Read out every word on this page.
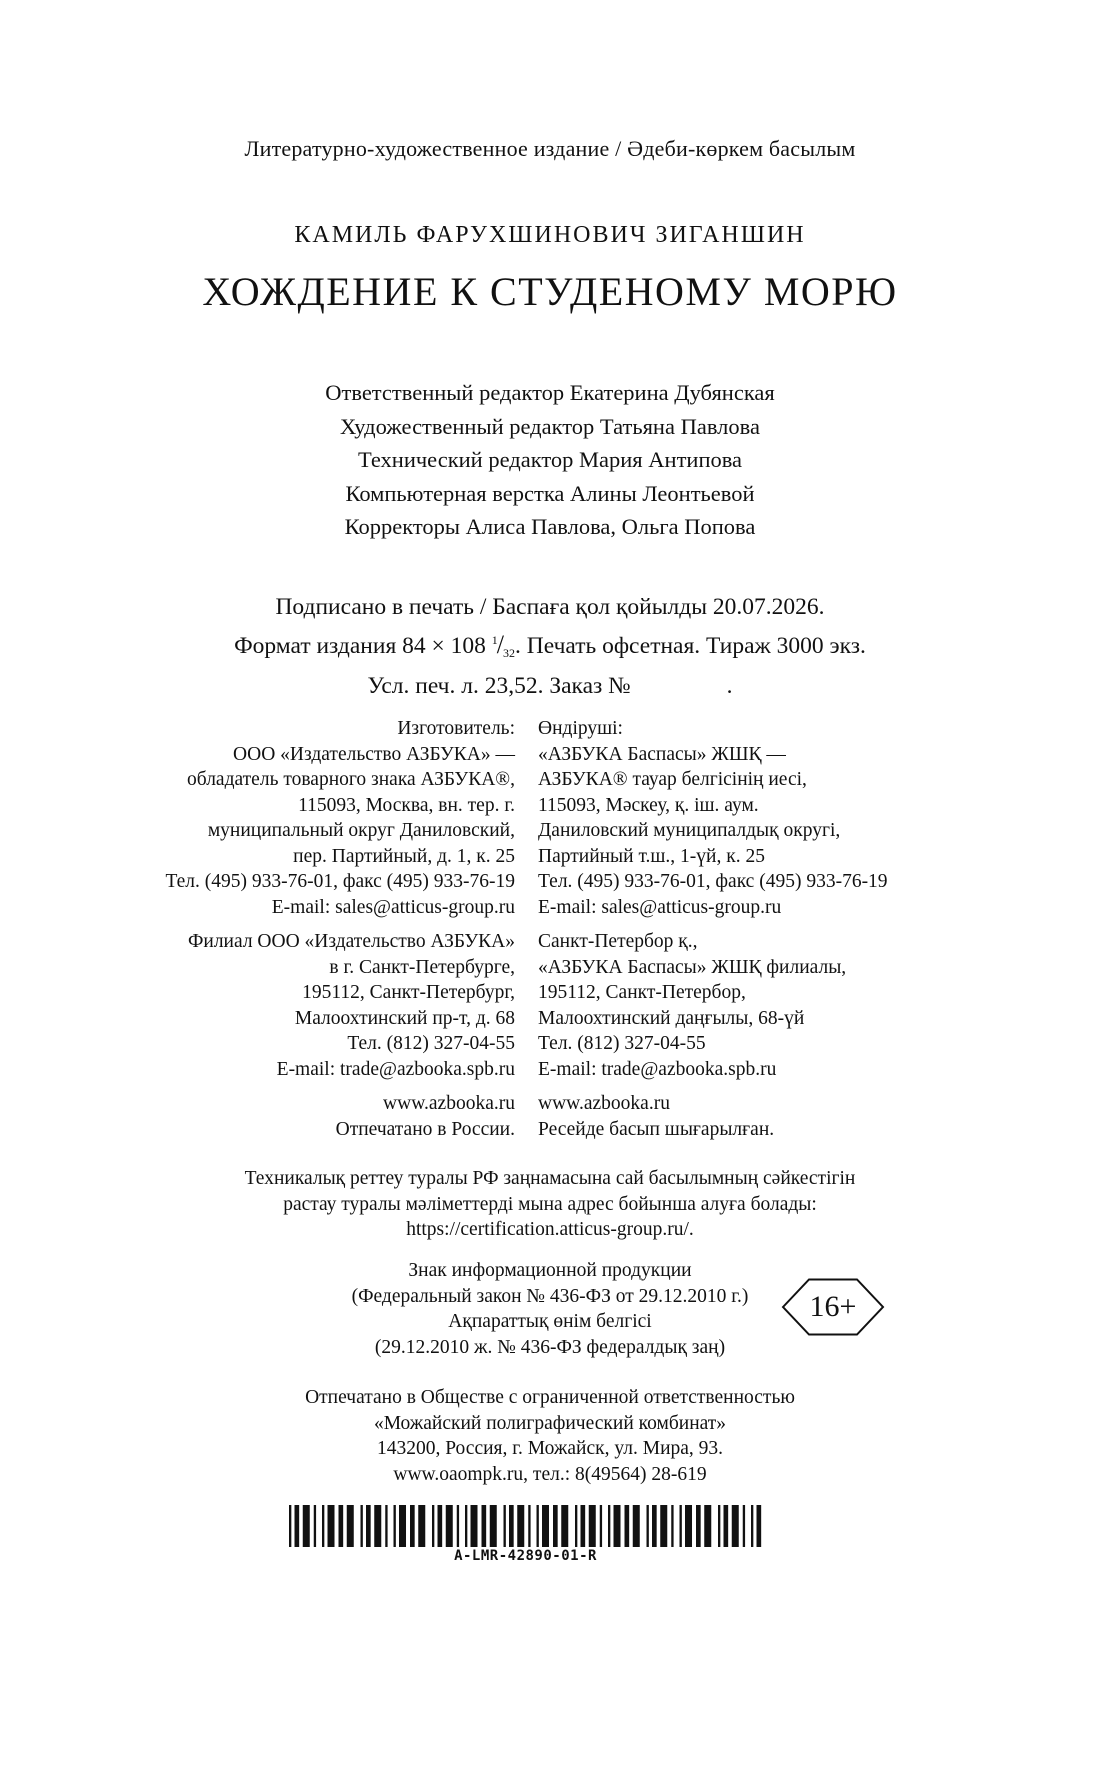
Литературно-художественное издание / Әдеби-көркем басылым
КАМИЛЬ ФАРУХШИНОВИЧ ЗИГАНШИН
ХОЖДЕНИЕ К СТУДЕНОМУ МОРЮ
Ответственный редактор Екатерина Дубянская
Художественный редактор Татьяна Павлова
Технический редактор Мария Антипова
Компьютерная верстка Алины Леонтьевой
Корректоры Алиса Павлова, Ольга Попова
Подписано в печать / Баспаға қол қойылды 20.07.2026.
Формат издания 84 × 108 $^1/_{32}$. Печать офсетная. Тираж 3000 экз.
Усл. печ. л. 23,52. Заказ №	.
Изготовитель:
ООО «Издательство АЗБУКА» —
обладатель товарного знака АЗБУКА®,
115093, Москва, вн. тер. г.
муниципальный округ Даниловский,
пер. Партийный, д. 1, к. 25
Тел. (495) 933-76-01, факс (495) 933-76-19
E-mail: sales@atticus-group.ru
Филиал ООО «Издательство АЗБУКА»
в г. Санкт-Петербурге,
195112, Санкт-Петербург,
Малоохтинский пр-т, д. 68
Тел. (812) 327-04-55
E-mail: trade@azbooka.spb.ru
www.azbooka.ru
Отпечатано в России.
Өндіруші:
«АЗБУКА Баспасы» ЖШҚ —
АЗБУКА® тауар белгісінің иесі,
115093, Мәскеу, қ. іш. аум.
Даниловский муниципалдық округі,
Партийный т.ш., 1-үй, к. 25
Тел. (495) 933-76-01, факс (495) 933-76-19
E-mail: sales@atticus-group.ru
Санкт-Петербор қ.,
«АЗБУКА Баспасы» ЖШҚ филиалы,
195112, Санкт-Петербор,
Малоохтинский даңғылы, 68-үй
Тел. (812) 327-04-55
E-mail: trade@azbooka.spb.ru
www.azbooka.ru
Ресейде басып шығарылған.
Техникалық реттеу туралы РФ заңнамасына сай басылымның сәйкестігін
растау туралы мәліметтерді мына адрес бойынша алуға болады:
https://certification.atticus-group.ru/.
Знак информационной продукции
(Федеральный закон № 436-ФЗ от 29.12.2010 г.)
Ақпараттық өнім белгісі
(29.12.2010 ж. № 436-ФЗ федералдық заң)
16+
Отпечатано в Обществе с ограниченной ответственностью
«Можайский полиграфический комбинат»
143200, Россия, г. Можайск, ул. Мира, 93.
www.oaompk.ru, тел.: 8(49564) 28-619
A-LMR-42890-01-R
